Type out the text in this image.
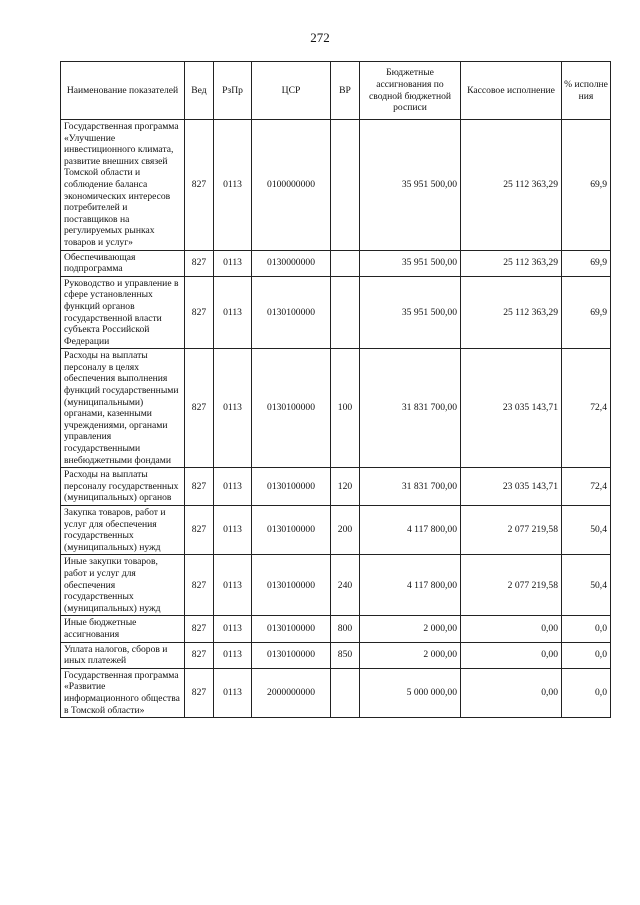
272
Наименование показателей	Вед	РзПр	ЦСР	ВР	Бюджетные ассигнования по сводной бюджетной росписи	Кассовое исполнение	% исполне ния
Государственная программа «Улучшение инвестиционного климата, развитие внешних связей Томской области и соблюдение баланса экономических интересов потребителей и поставщиков на регулируемых рынках товаров и услуг»	827	0113	0100000000		35 951 500,00	25 112 363,29	69,9
Обеспечивающая подпрограмма	827	0113	0130000000		35 951 500,00	25 112 363,29	69,9
Руководство и управление в сфере установленных функций органов государственной власти субъекта Российской Федерации	827	0113	0130100000		35 951 500,00	25 112 363,29	69,9
Расходы на выплаты персоналу в целях обеспечения выполнения функций государственными (муниципальными) органами, казенными учреждениями, органами управления государственными внебюджетными фондами	827	0113	0130100000	100	31 831 700,00	23 035 143,71	72,4
Расходы на выплаты персоналу государственных (муниципальных) органов	827	0113	0130100000	120	31 831 700,00	23 035 143,71	72,4
Закупка товаров, работ и услуг для обеспечения государственных (муниципальных) нужд	827	0113	0130100000	200	4 117 800,00	2 077 219,58	50,4
Иные закупки товаров, работ и услуг для обеспечения государственных (муниципальных) нужд	827	0113	0130100000	240	4 117 800,00	2 077 219,58	50,4
Иные бюджетные ассигнования	827	0113	0130100000	800	2 000,00	0,00	0,0
Уплата налогов, сборов и иных платежей	827	0113	0130100000	850	2 000,00	0,00	0,0
Государственная программа «Развитие информационного общества в Томской области»	827	0113	2000000000		5 000 000,00	0,00	0,0
